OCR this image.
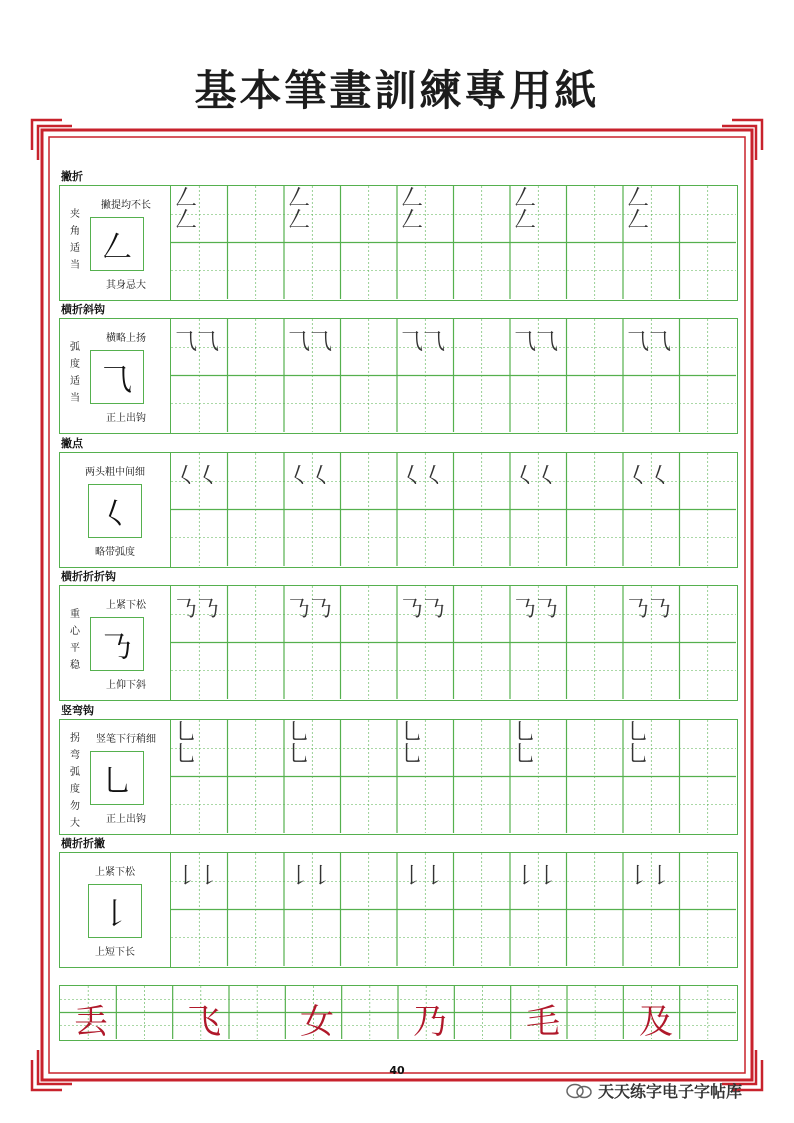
基本筆畫訓練專用紙
撇折
夹
角
适
当
撇提均不长
𠃋
其身忌大
𠃋
𠃋
𠃋
𠃋
𠃋
𠃋
𠃋
𠃋
𠃋
𠃋
横折斜钩
弧
度
适
当
横略上扬
⺄
正上出钩
⺄⺄	⺄⺄	⺄⺄	⺄⺄	⺄⺄
撇点
两头粗中间细
𡿨
略带弧度
𡿨𡿨	𡿨𡿨	𡿨𡿨	𡿨𡿨	𡿨𡿨
横折折折钩
重
心
平
稳
上紧下松
𠄎
上仰下斜
𠄎𠄎	𠄎𠄎	𠄎𠄎	𠄎𠄎	𠄎𠄎
竖弯钩
拐
弯
弧
度
勿
大
竖笔下行稍细
乚
正上出钩
乚
乚
乚
乚
乚
乚
乚
乚
乚
乚
横折折撇
上紧下松
𠄌
上短下长
𠄌𠄌	𠄌𠄌	𠄌𠄌	𠄌𠄌	𠄌𠄌
丢	飞	女	乃	毛	及
40
天天练字电子字帖库
